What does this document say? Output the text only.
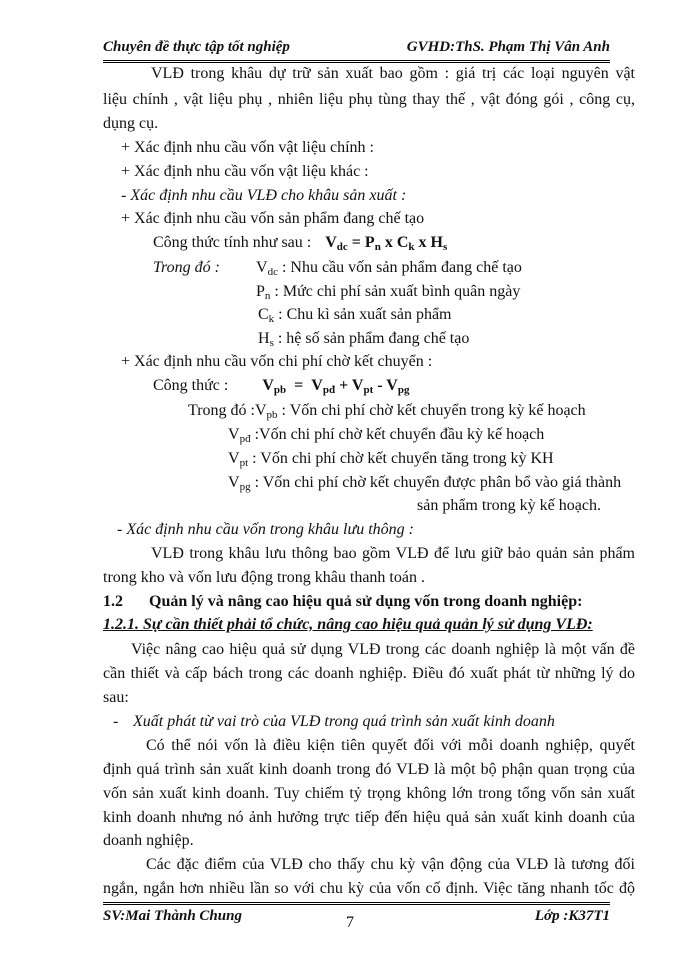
Chuyên đề thực tập tốt nghiệp	GVHD:ThS. Phạm Thị Vân Anh
VLĐ trong khâu dự trữ sản xuất bao gồm : giá trị các loại nguyên vật
liệu chính , vật liệu phụ , nhiên liệu phụ tùng thay thế , vật đóng gói , công cụ,
dụng cụ.
+ Xác định nhu cầu vốn vật liệu chính :
+ Xác định nhu cầu vốn vật liệu khác :
- Xác định nhu cầu VLĐ cho khâu sản xuất :
+ Xác định nhu cầu vốn sản phẩm đang chế tạo
Công thức tính như sau : $V_{dc} = P_n$ x $C_k$ x $H_s$
Trong đó :	$V_{dc}$ : Nhu cầu vốn sản phẩm đang chế tạo
$P_n$ : Mức chi phí sản xuất bình quân ngày
$C_k$ : Chu kì sản xuất sản phẩm
$H_s$ : hệ số sản phẩm đang chế tạo
+ Xác định nhu cầu vốn chi phí chờ kết chuyển :
Công thức : $V_{pb} = V_{pđ} + V_{pt} - V_{pg}$
Trong đó $:V_{pb}$ : Vốn chi phí chờ kết chuyển trong kỳ kế hoạch
$V_{pđ}$ :Vốn chi phí chờ kết chuyển đầu kỳ kế hoạch
$V_{pt}$ : Vốn chi phí chờ kết chuyển tăng trong kỳ KH
$V_{pg}$ : Vốn chi phí chờ kết chuyển được phân bổ vào giá thành
sản phẩm trong kỳ kế hoạch.
- Xác định nhu cầu vốn trong khâu lưu thông :
VLĐ trong khâu lưu thông bao gồm VLĐ để lưu giữ bảo quản sản phẩm
trong kho và vốn lưu động trong khâu thanh toán .
1.2 Quản lý và nâng cao hiệu quả sử dụng vốn trong doanh nghiệp:
1.2.1. Sự cần thiết phải tổ chức, nâng cao hiệu quả quản lý sử dụng VLĐ:
Việc nâng cao hiệu quả sử dụng VLĐ trong các doanh nghiệp là một vấn đề
cần thiết và cấp bách trong các doanh nghiệp. Điều đó xuất phát từ những lý do
sau:
- Xuất phát từ vai trò của VLĐ trong quá trình sản xuất kinh doanh
Có thể nói vốn là điều kiện tiên quyết đối với mỗi doanh nghiệp, quyết
định quá trình sản xuất kinh doanh trong đó VLĐ là một bộ phận quan trọng của
vốn sản xuất kinh doanh. Tuy chiếm tỷ trọng không lớn trong tổng vốn sản xuất
kinh doanh nhưng nó ảnh hưởng trực tiếp đến hiệu quả sản xuất kinh doanh của
doanh nghiệp.
Các đặc điểm của VLĐ cho thấy chu kỳ vận động của VLĐ là tương đối
ngắn, ngắn hơn nhiều lần so với chu kỳ của vốn cố định. Việc tăng nhanh tốc độ
SV:Mai Thành Chung	Lớp :K37T1
7
